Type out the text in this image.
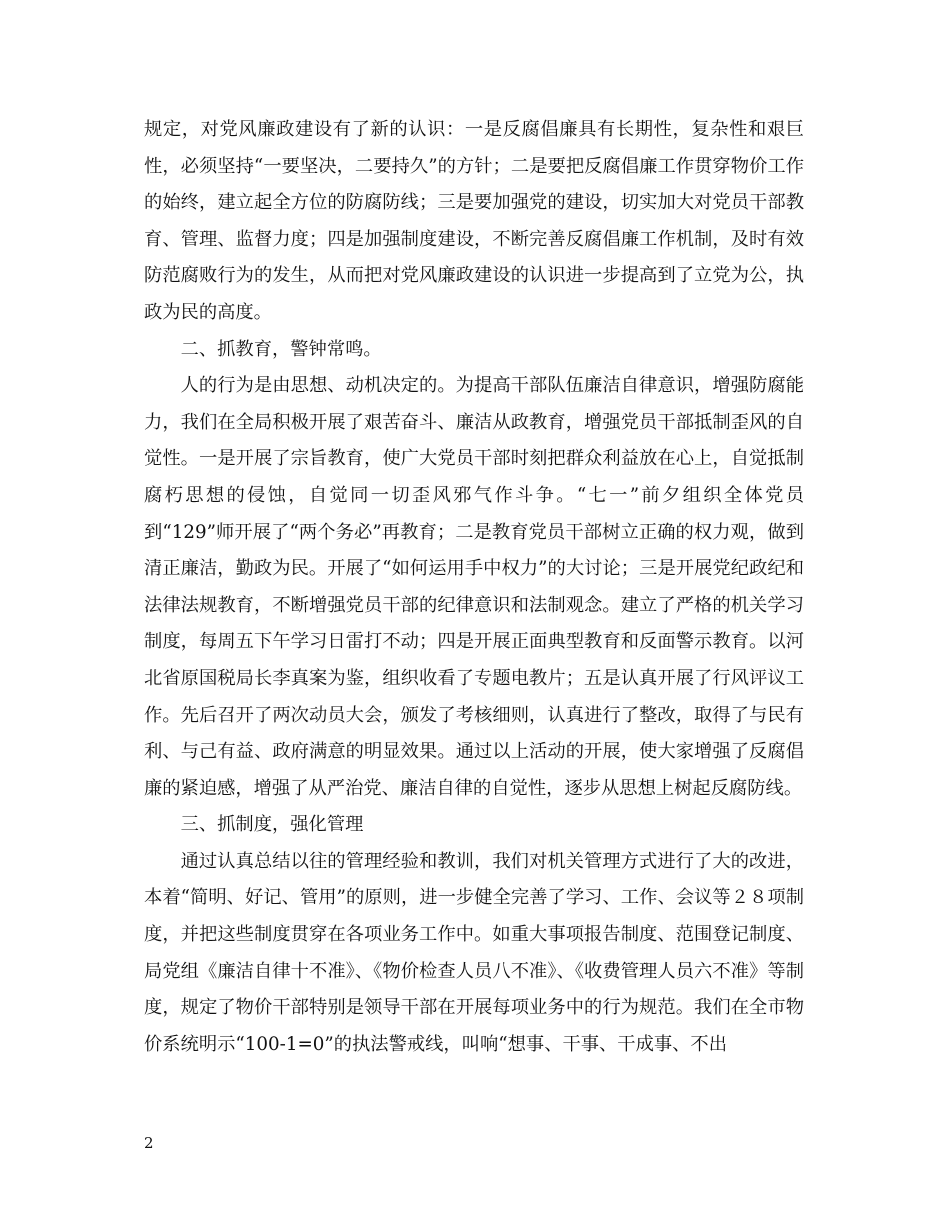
规定，对党风廉政建设有了新的认识：一是反腐倡廉具有长期性，复杂性和艰巨性，必须坚持“一要坚决，二要持久”的方针；二是要把反腐倡廉工作贯穿物价工作的始终，建立起全方位的防腐防线；三是要加强党的建设，切实加大对党员干部教育、管理、监督力度；四是加强制度建设，不断完善反腐倡廉工作机制，及时有效防范腐败行为的发生，从而把对党风廉政建设的认识进一步提高到了立党为公，执政为民的高度。

二、抓教育，警钟常鸣。

人的行为是由思想、动机决定的。为提高干部队伍廉洁自律意识，增强防腐能力，我们在全局积极开展了艰苦奋斗、廉洁从政教育，增强党员干部抵制歪风的自觉性。一是开展了宗旨教育，使广大党员干部时刻把群众利益放在心上，自觉抵制腐朽思想的侵蚀，自觉同一切歪风邪气作斗争。“七一”前夕组织全体党员到“129”师开展了“两个务必”再教育；二是教育党员干部树立正确的权力观，做到清正廉洁，勤政为民。开展了“如何运用手中权力”的大讨论；三是开展党纪政纪和法律法规教育，不断增强党员干部的纪律意识和法制观念。建立了严格的机关学习制度，每周五下午学习日雷打不动；四是开展正面典型教育和反面警示教育。以河北省原国税局长李真案为鉴，组织收看了专题电教片；五是认真开展了行风评议工作。先后召开了两次动员大会，颁发了考核细则，认真进行了整改，取得了与民有利、与己有益、政府满意的明显效果。通过以上活动的开展，使大家增强了反腐倡廉的紧迫感，增强了从严治党、廉洁自律的自觉性，逐步从思想上树起反腐防线。

三、抓制度，强化管理

通过认真总结以往的管理经验和教训，我们对机关管理方式进行了大的改进，本着“简明、好记、管用”的原则，进一步健全完善了学习、工作、会议等２８项制度，并把这些制度贯穿在各项业务工作中。如重大事项报告制度、范围登记制度、局党组《廉洁自律十不准》、《物价检查人员八不准》、《收费管理人员六不准》等制度，规定了物价干部特别是领导干部在开展每项业务中的行为规范。我们在全市物价系统明示“100-1=0”的执法警戒线，叫响“想事、干事、干成事、不出

2
